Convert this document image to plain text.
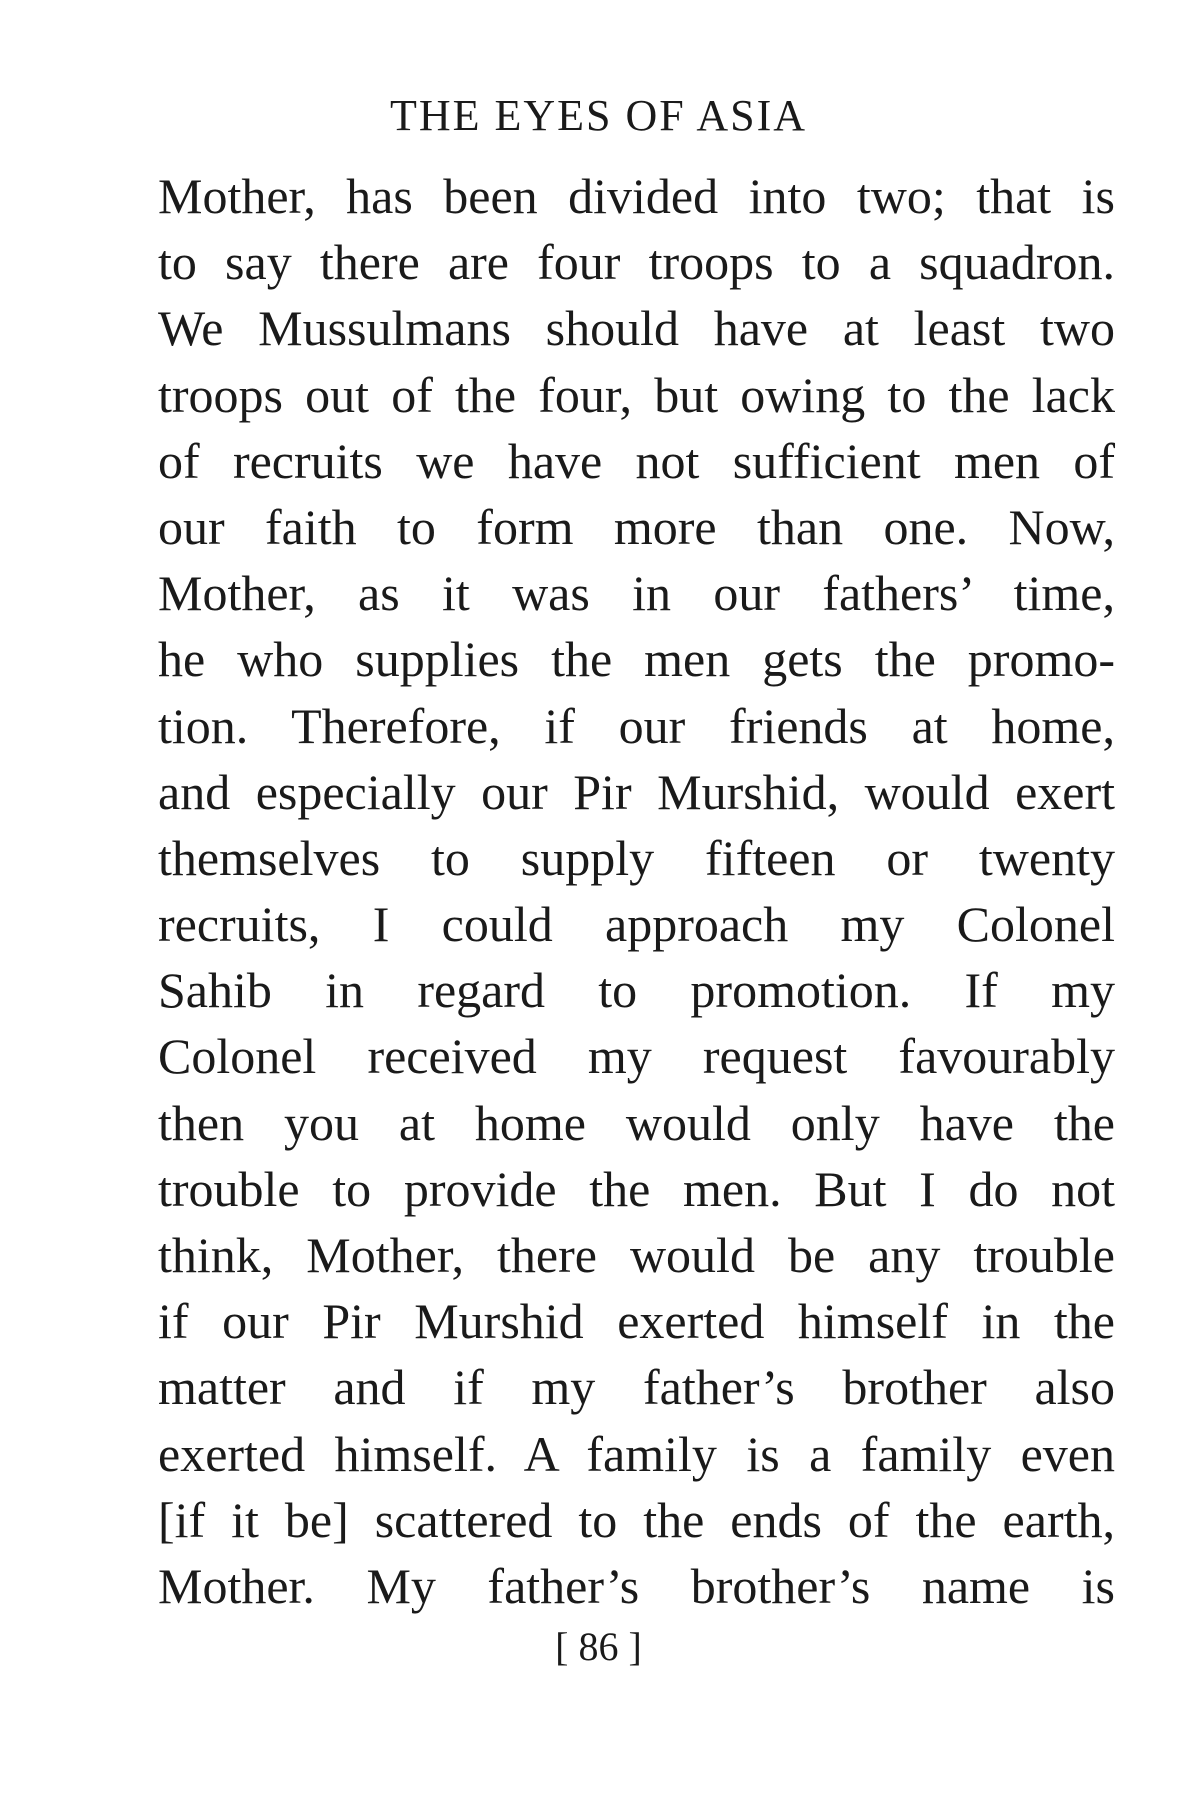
THE EYES OF ASIA
Mother, has been divided into two; that is
to say there are four troops to a squadron.
We Mussulmans should have at least two
troops out of the four, but owing to the lack
of recruits we have not sufficient men of
our faith to form more than one. Now,
Mother, as it was in our fathers’ time,
he who supplies the men gets the promo-
tion. Therefore, if our friends at home,
and especially our Pir Murshid, would exert
themselves to supply fifteen or twenty
recruits, I could approach my Colonel
Sahib in regard to promotion. If my
Colonel received my request favourably
then you at home would only have the
trouble to provide the men. But I do not
think, Mother, there would be any trouble
if our Pir Murshid exerted himself in the
matter and if my father’s brother also
exerted himself. A family is a family even
[if it be] scattered to the ends of the earth,
Mother. My father’s brother’s name is
[ 86 ]
